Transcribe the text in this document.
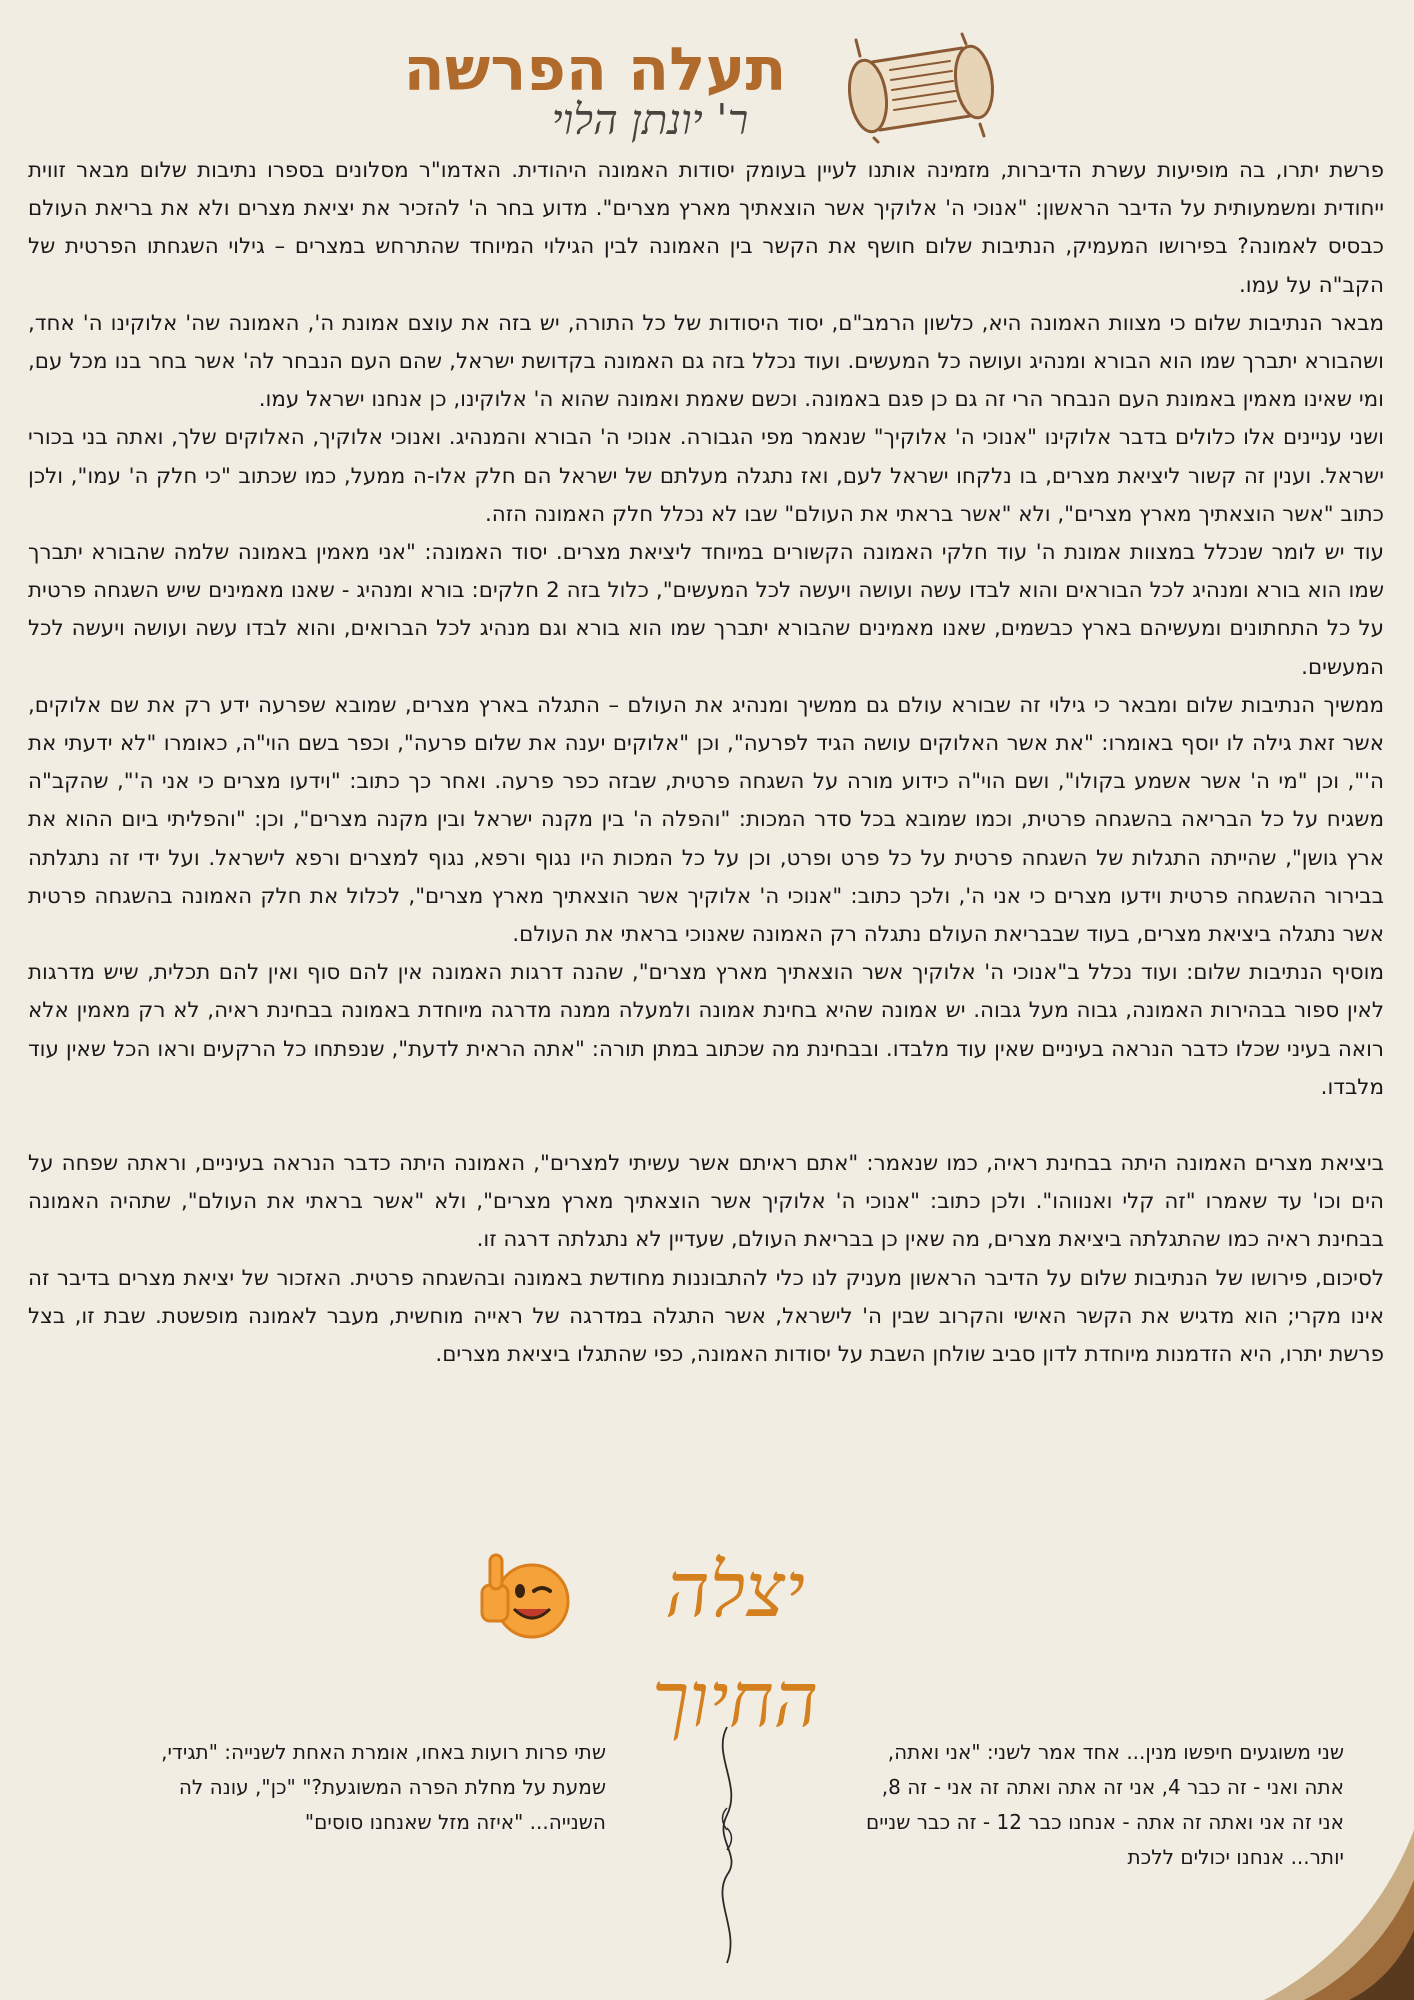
תעלה הפרשה
ר' יונתן הלוי

פרשת יתרו, בה מופיעות עשרת הדיברות, מזמינה אותנו לעיין בעומק יסודות האמונה היהודית. האדמו"ר מסלונים בספרו נתיבות שלום מבאר זווית ייחודית ומשמעותית על הדיבר הראשון: "אנוכי ה' אלוקיך אשר הוצאתיך מארץ מצרים". מדוע בחר ה' להזכיר את יציאת מצרים ולא את בריאת העולם כבסיס לאמונה? בפירושו המעמיק, הנתיבות שלום חושף את הקשר בין האמונה לבין הגילוי המיוחד שהתרחש במצרים – גילוי השגחתו הפרטית של הקב"ה על עמו.

מבאר הנתיבות שלום כי מצוות האמונה היא, כלשון הרמב"ם, יסוד היסודות של כל התורה, יש בזה את עוצם אמונת ה', האמונה שה' אלוקינו ה' אחד, ושהבורא יתברך שמו הוא הבורא ומנהיג ועושה כל המעשים. ועוד נכלל בזה גם האמונה בקדושת ישראל, שהם העם הנבחר לה' אשר בחר בנו מכל עם, ומי שאינו מאמין באמונת העם הנבחר הרי זה גם כן פגם באמונה. וכשם שאמת ואמונה שהוא ה' אלוקינו, כן אנחנו ישראל עמו.

ושני עניינים אלו כלולים בדבר אלוקינו "אנוכי ה' אלוקיך" שנאמר מפי הגבורה. אנוכי ה' הבורא והמנהיג. ואנוכי אלוקיך, האלוקים שלך, ואתה בני בכורי ישראל. וענין זה קשור ליציאת מצרים, בו נלקחו ישראל לעם, ואז נתגלה מעלתם של ישראל הם חלק אלו-ה ממעל, כמו שכתוב "כי חלק ה' עמו", ולכן כתוב "אשר הוצאתיך מארץ מצרים", ולא "אשר בראתי את העולם" שבו לא נכלל חלק האמונה הזה.

עוד יש לומר שנכלל במצוות אמונת ה' עוד חלקי האמונה הקשורים במיוחד ליציאת מצרים. יסוד האמונה: "אני מאמין באמונה שלמה שהבורא יתברך שמו הוא בורא ומנהיג לכל הבוראים והוא לבדו עשה ועושה ויעשה לכל המעשים", כלול בזה 2 חלקים: בורא ומנהיג - שאנו מאמינים שיש השגחה פרטית על כל התחתונים ומעשיהם בארץ כבשמים, שאנו מאמינים שהבורא יתברך שמו הוא בורא וגם מנהיג לכל הברואים, והוא לבדו עשה ועושה ויעשה לכל המעשים.

ממשיך הנתיבות שלום ומבאר כי גילוי זה שבורא עולם גם ממשיך ומנהיג את העולם – התגלה בארץ מצרים, שמובא שפרעה ידע רק את שם אלוקים, אשר זאת גילה לו יוסף באומרו: "את אשר האלוקים עושה הגיד לפרעה", וכן "אלוקים יענה את שלום פרעה", וכפר בשם הוי"ה, כאומרו "לא ידעתי את ה'", וכן "מי ה' אשר אשמע בקולו", ושם הוי"ה כידוע מורה על השגחה פרטית, שבזה כפר פרעה. ואחר כך כתוב: "וידעו מצרים כי אני ה'", שהקב"ה משגיח על כל הבריאה בהשגחה פרטית, וכמו שמובא בכל סדר המכות: "והפלה ה' בין מקנה ישראל ובין מקנה מצרים", וכן: "והפליתי ביום ההוא את ארץ גושן", שהייתה התגלות של השגחה פרטית על כל פרט ופרט, וכן על כל המכות היו נגוף ורפא, נגוף למצרים ורפא לישראל. ועל ידי זה נתגלתה בבירור ההשגחה פרטית וידעו מצרים כי אני ה', ולכך כתוב: "אנוכי ה' אלוקיך אשר הוצאתיך מארץ מצרים", לכלול את חלק האמונה בהשגחה פרטית אשר נתגלה ביציאת מצרים, בעוד שבבריאת העולם נתגלה רק האמונה שאנוכי בראתי את העולם.

מוסיף הנתיבות שלום: ועוד נכלל ב"אנוכי ה' אלוקיך אשר הוצאתיך מארץ מצרים", שהנה דרגות האמונה אין להם סוף ואין להם תכלית, שיש מדרגות לאין ספור בבהירות האמונה, גבוה מעל גבוה. יש אמונה שהיא בחינת אמונה ולמעלה ממנה מדרגה מיוחדת באמונה בבחינת ראיה, לא רק מאמין אלא רואה בעיני שכלו כדבר הנראה בעיניים שאין עוד מלבדו. ובבחינת מה שכתוב במתן תורה: "אתה הראית לדעת", שנפתחו כל הרקעים וראו הכל שאין עוד מלבדו.

ביציאת מצרים האמונה היתה בבחינת ראיה, כמו שנאמר: "אתם ראיתם אשר עשיתי למצרים", האמונה היתה כדבר הנראה בעיניים, וראתה שפחה על הים וכו' עד שאמרו "זה קלי ואנווהו". ולכן כתוב: "אנוכי ה' אלוקיך אשר הוצאתיך מארץ מצרים", ולא "אשר בראתי את העולם", שתהיה האמונה בבחינת ראיה כמו שהתגלתה ביציאת מצרים, מה שאין כן בבריאת העולם, שעדיין לא נתגלתה דרגה זו.

לסיכום, פירושו של הנתיבות שלום על הדיבר הראשון מעניק לנו כלי להתבוננות מחודשת באמונה ובהשגחה פרטית. האזכור של יציאת מצרים בדיבר זה אינו מקרי; הוא מדגיש את הקשר האישי והקרוב שבין ה' לישראל, אשר התגלה במדרגה של ראייה מוחשית, מעבר לאמונה מופשטת. שבת זו, בצל פרשת יתרו, היא הזדמנות מיוחדת לדון סביב שולחן השבת על יסודות האמונה, כפי שהתגלו ביציאת מצרים.

יצלה החיוך
שני משוגעים חיפשו מנין... אחד אמר לשני: "אני ואתה, אתה ואני - זה כבר 4, אני זה אתה ואתה זה אני - זה 8, אני זה אני ואתה זה אתה - אנחנו כבר 12 - זה כבר שניים יותר... אנחנו יכולים ללכת
שתי פרות רועות באחו, אומרת האחת לשנייה: "תגידי, שמעת על מחלת הפרה המשוגעת?" "כן", עונה לה השנייה... "איזה מזל שאנחנו סוסים"
